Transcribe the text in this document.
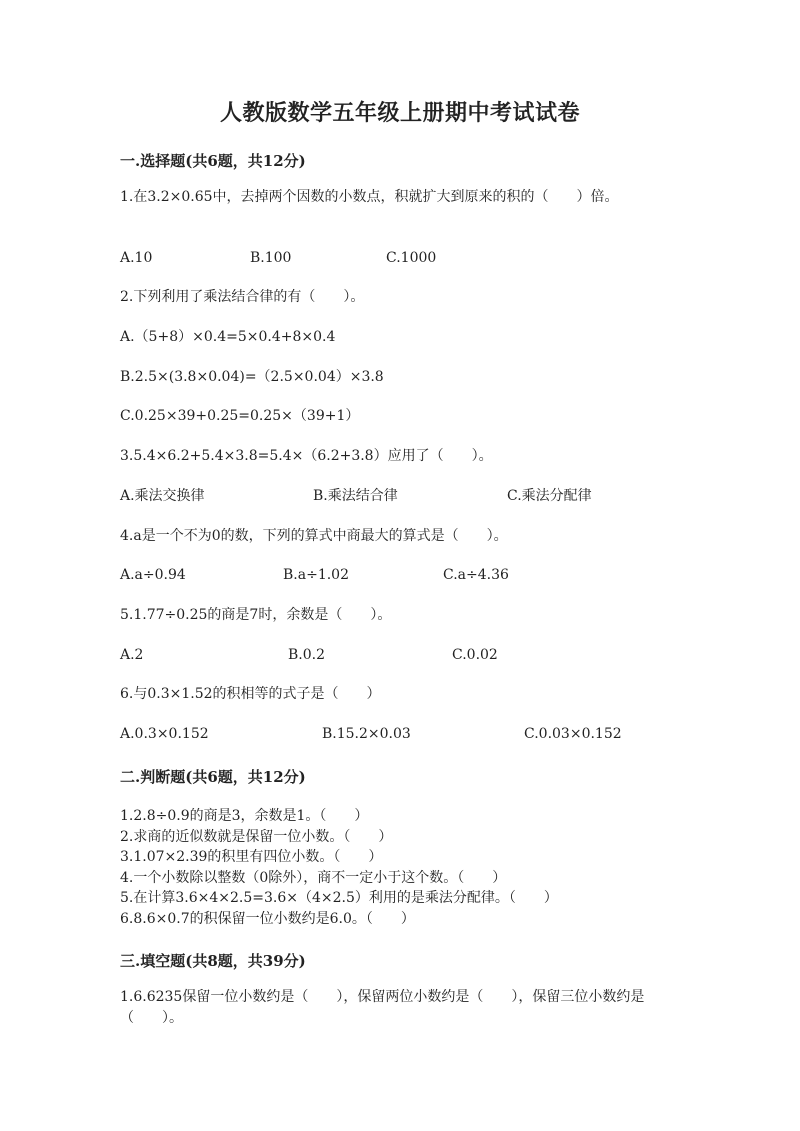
人教版数学五年级上册期中考试试卷
一.选择题(共6题，共12分)
1.在3.2×0.65中，去掉两个因数的小数点，积就扩大到原来的积的（　　）倍。
A.10	B.100	C.1000
2.下列利用了乘法结合律的有（　　）。
A.（5+8）×0.4=5×0.4+8×0.4
B.2.5×(3.8×0.04)=（2.5×0.04）×3.8
C.0.25×39+0.25=0.25×（39+1）
3.5.4×6.2+5.4×3.8=5.4×（6.2+3.8）应用了（　　）。
A.乘法交换律	B.乘法结合律	C.乘法分配律
4.a是一个不为0的数，下列的算式中商最大的算式是（　　）。
A.a÷0.94	B.a÷1.02	C.a÷4.36
5.1.77÷0.25的商是7时，余数是（　　）。
A.2	B.0.2	C.0.02
6.与0.3×1.52的积相等的式子是（　　）
A.0.3×0.152	B.15.2×0.03	C.0.03×0.152
二.判断题(共6题，共12分)
1.2.8÷0.9的商是3，余数是1。（　　）
2.求商的近似数就是保留一位小数。（　　）
3.1.07×2.39的积里有四位小数。（　　）
4.一个小数除以整数（0除外），商不一定小于这个数。（　　）
5.在计算3.6×4×2.5=3.6×（4×2.5）利用的是乘法分配律。（　　）
6.8.6×0.7的积保留一位小数约是6.0。（　　）
三.填空题(共8题，共39分)
1.6.6235保留一位小数约是（　　），保留两位小数约是（　　），保留三位小数约是（　　）。
